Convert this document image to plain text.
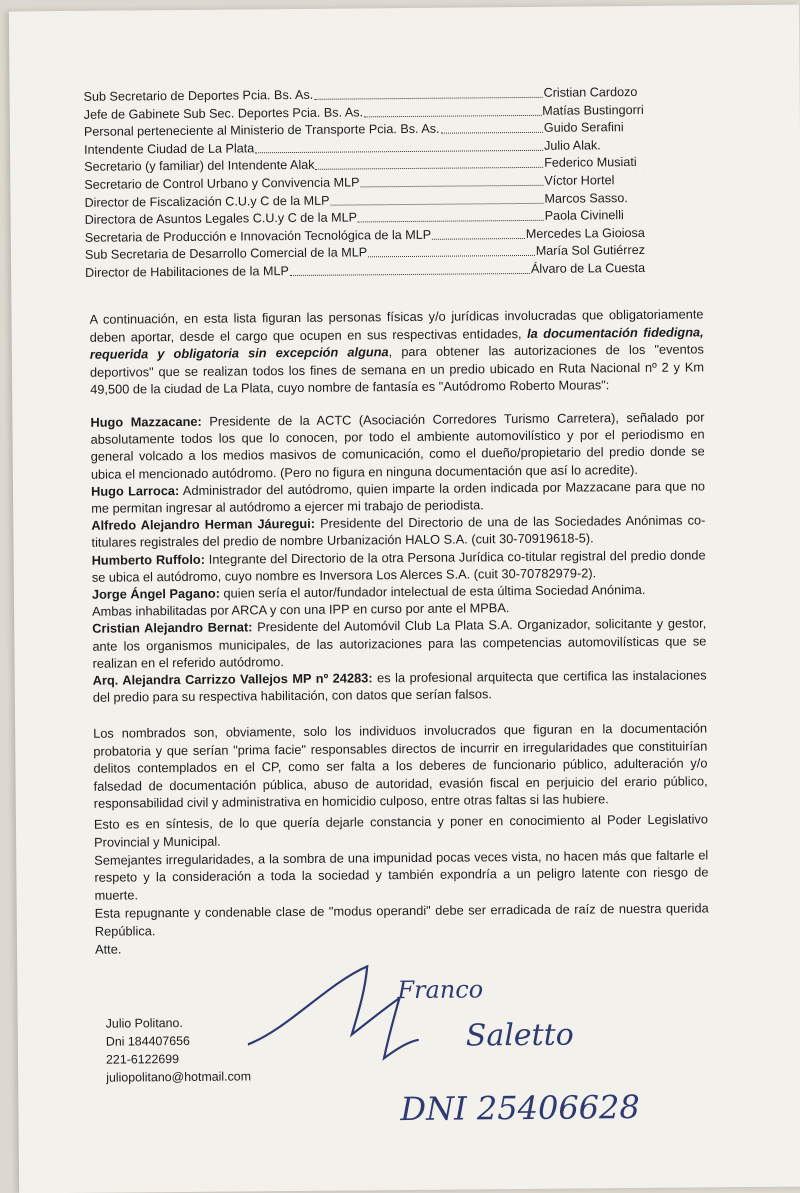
· · · · · · · · · ·
Sub Secretario de Deportes Pcia. Bs. As.	Cristian Cardozo
Jefe de Gabinete Sub Sec. Deportes Pcia. Bs. As.	Matías Bustingorri
Personal perteneciente al Ministerio de Transporte Pcia. Bs. As.	Guido Serafini
Intendente Ciudad de La Plata	Julio Alak.
Secretario (y familiar) del Intendente Alak	Federico Musiati
Secretario de Control Urbano y Convivencia MLP	Víctor Hortel
Director de Fiscalización C.U.y C de la MLP	Marcos Sasso.
Directora de Asuntos Legales C.U.y C de la MLP	Paola Civinelli
Secretaria de Producción e Innovación Tecnológica de la MLP	Mercedes La Gioiosa
Sub Secretaria de Desarrollo Comercial de la MLP	María Sol Gutiérrez
Director de Habilitaciones de la MLP	Álvaro de La Cuesta

A continuación, en esta lista figuran las personas físicas y/o jurídicas involucradas que obligatoriamente deben aportar, desde el cargo que ocupen en sus respectivas entidades, la documentación fidedigna, requerida y obligatoria sin excepción alguna, para obtener las autorizaciones de los "eventos deportivos" que se realizan todos los fines de semana en un predio ubicado en Ruta Nacional nº 2 y Km 49,500 de la ciudad de La Plata, cuyo nombre de fantasía es "Autódromo Roberto Mouras":

Hugo Mazzacane: Presidente de la ACTC (Asociación Corredores Turismo Carretera), señalado por absolutamente todos los que lo conocen, por todo el ambiente automovilístico y por el periodismo en general volcado a los medios masivos de comunicación, como el dueño/propietario del predio donde se ubica el mencionado autódromo. (Pero no figura en ninguna documentación que así lo acredite).

Hugo Larroca: Administrador del autódromo, quien imparte la orden indicada por Mazzacane para que no me permitan ingresar al autódromo a ejercer mi trabajo de periodista.

Alfredo Alejandro Herman Jáuregui: Presidente del Directorio de una de las Sociedades Anónimas co-titulares registrales del predio de nombre Urbanización HALO S.A. (cuit 30-70919618-5).

Humberto Ruffolo: Integrante del Directorio de la otra Persona Jurídica co-titular registral del predio donde se ubica el autódromo, cuyo nombre es Inversora Los Alerces S.A. (cuit 30-70782979-2).

Jorge Ángel Pagano: quien sería el autor/fundador intelectual de esta última Sociedad Anónima.

Ambas inhabilitadas por ARCA y con una IPP en curso por ante el MPBA.

Cristian Alejandro Bernat: Presidente del Automóvil Club La Plata S.A. Organizador, solicitante y gestor, ante los organismos municipales, de las autorizaciones para las competencias automovilísticas que se realizan en el referido autódromo.

Arq. Alejandra Carrizzo Vallejos MP nº 24283: es la profesional arquitecta que certifica las instalaciones del predio para su respectiva habilitación, con datos que serían falsos.

Los nombrados son, obviamente, solo los individuos involucrados que figuran en la documentación probatoria y que serían "prima facie" responsables directos de incurrir en irregularidades que constituirían delitos contemplados en el CP, como ser falta a los deberes de funcionario público, adulteración y/o falsedad de documentación pública, abuso de autoridad, evasión fiscal en perjuicio del erario público, responsabilidad civil y administrativa en homicidio culposo, entre otras faltas si las hubiere.

Esto es en síntesis, de lo que quería dejarle constancia y poner en conocimiento al Poder Legislativo Provincial y Municipal.

Semejantes irregularidades, a la sombra de una impunidad pocas veces vista, no hacen más que faltarle el respeto y la consideración a toda la sociedad y también expondría a un peligro latente con riesgo de muerte.

Esta repugnante y condenable clase de "modus operandi" debe ser erradicada de raíz de nuestra querida República.

Atte.

Julio Politano.
Dni 184407656
221-6122699
juliopolitano@hotmail.com
Franco
Saletto
DNI 25406628
